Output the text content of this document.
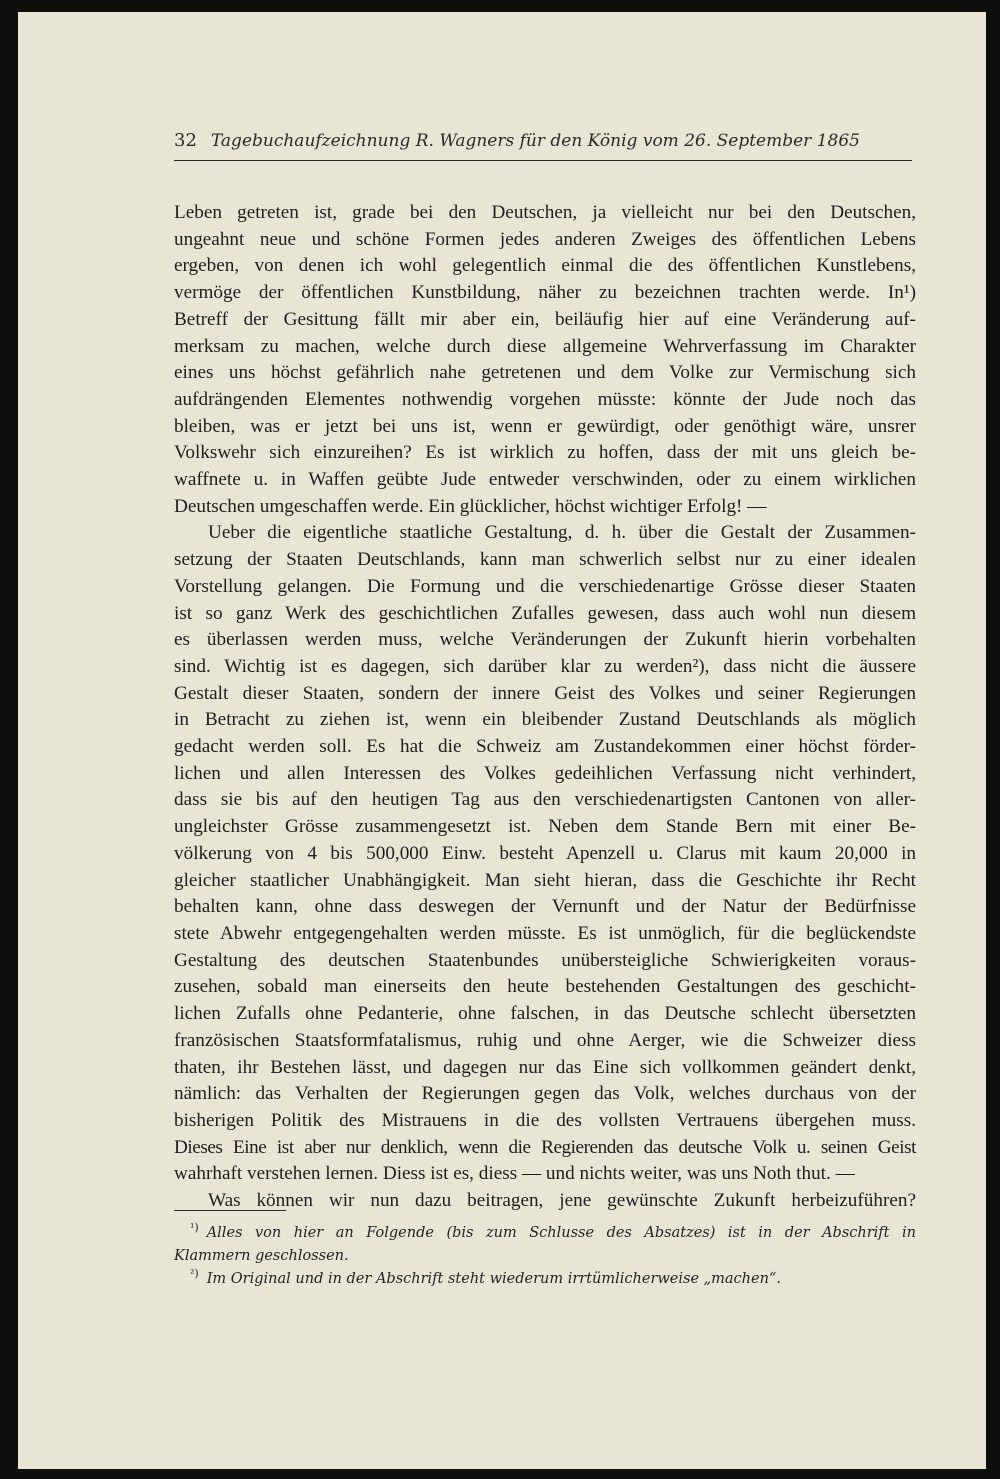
32 Tagebuchaufzeichnung R. Wagners für den König vom 26. September 1865

Leben getreten ist, grade bei den Deutschen, ja vielleicht nur bei den Deutschen,
ungeahnt neue und schöne Formen jedes anderen Zweiges des öffentlichen Lebens
ergeben, von denen ich wohl gelegentlich einmal die des öffentlichen Kunstlebens,
vermöge der öffentlichen Kunstbildung, näher zu bezeichnen trachten werde. In¹)
Betreff der Gesittung fällt mir aber ein, beiläufig hier auf eine Veränderung auf-
merksam zu machen, welche durch diese allgemeine Wehrverfassung im Charakter
eines uns höchst gefährlich nahe getretenen und dem Volke zur Vermischung sich
aufdrängenden Elementes nothwendig vorgehen müsste: könnte der Jude noch das
bleiben, was er jetzt bei uns ist, wenn er gewürdigt, oder genöthigt wäre, unsrer
Volkswehr sich einzureihen? Es ist wirklich zu hoffen, dass der mit uns gleich be-
waffnete u. in Waffen geübte Jude entweder verschwinden, oder zu einem wirklichen
Deutschen umgeschaffen werde. Ein glücklicher, höchst wichtiger Erfolg! —

Ueber die eigentliche staatliche Gestaltung, d. h. über die Gestalt der Zusammen-
setzung der Staaten Deutschlands, kann man schwerlich selbst nur zu einer idealen
Vorstellung gelangen. Die Formung und die verschiedenartige Grösse dieser Staaten
ist so ganz Werk des geschichtlichen Zufalles gewesen, dass auch wohl nun diesem
es überlassen werden muss, welche Veränderungen der Zukunft hierin vorbehalten
sind. Wichtig ist es dagegen, sich darüber klar zu werden²), dass nicht die äussere
Gestalt dieser Staaten, sondern der innere Geist des Volkes und seiner Regierungen
in Betracht zu ziehen ist, wenn ein bleibender Zustand Deutschlands als möglich
gedacht werden soll. Es hat die Schweiz am Zustandekommen einer höchst förder-
lichen und allen Interessen des Volkes gedeihlichen Verfassung nicht verhindert,
dass sie bis auf den heutigen Tag aus den verschiedenartigsten Cantonen von aller-
ungleichster Grösse zusammengesetzt ist. Neben dem Stande Bern mit einer Be-
völkerung von 4 bis 500,000 Einw. besteht Apenzell u. Clarus mit kaum 20,000 in
gleicher staatlicher Unabhängigkeit. Man sieht hieran, dass die Geschichte ihr Recht
behalten kann, ohne dass deswegen der Vernunft und der Natur der Bedürfnisse
stete Abwehr entgegengehalten werden müsste. Es ist unmöglich, für die beglückendste
Gestaltung des deutschen Staatenbundes unübersteigliche Schwierigkeiten voraus-
zusehen, sobald man einerseits den heute bestehenden Gestaltungen des geschicht-
lichen Zufalls ohne Pedanterie, ohne falschen, in das Deutsche schlecht übersetzten
französischen Staatsformfatalismus, ruhig und ohne Aerger, wie die Schweizer diess
thaten, ihr Bestehen lässt, und dagegen nur das Eine sich vollkommen geändert denkt,
nämlich: das Verhalten der Regierungen gegen das Volk, welches durchaus von der
bisherigen Politik des Mistrauens in die des vollsten Vertrauens übergehen muss.
Dieses Eine ist aber nur denklich, wenn die Regierenden das deutsche Volk u. seinen Geist
wahrhaft verstehen lernen. Diess ist es, diess — und nichts weiter, was uns Noth thut. —

Was können wir nun dazu beitragen, jene gewünschte Zukunft herbeizuführen?

$^{^1)}$ Alles von hier an Folgende (bis zum Schlusse des Absatzes) ist in der Abschrift in
Klammern geschlossen.
$^{^2)}$ Im Original und in der Abschrift steht wiederum irrtümlicherweise „machen“.
